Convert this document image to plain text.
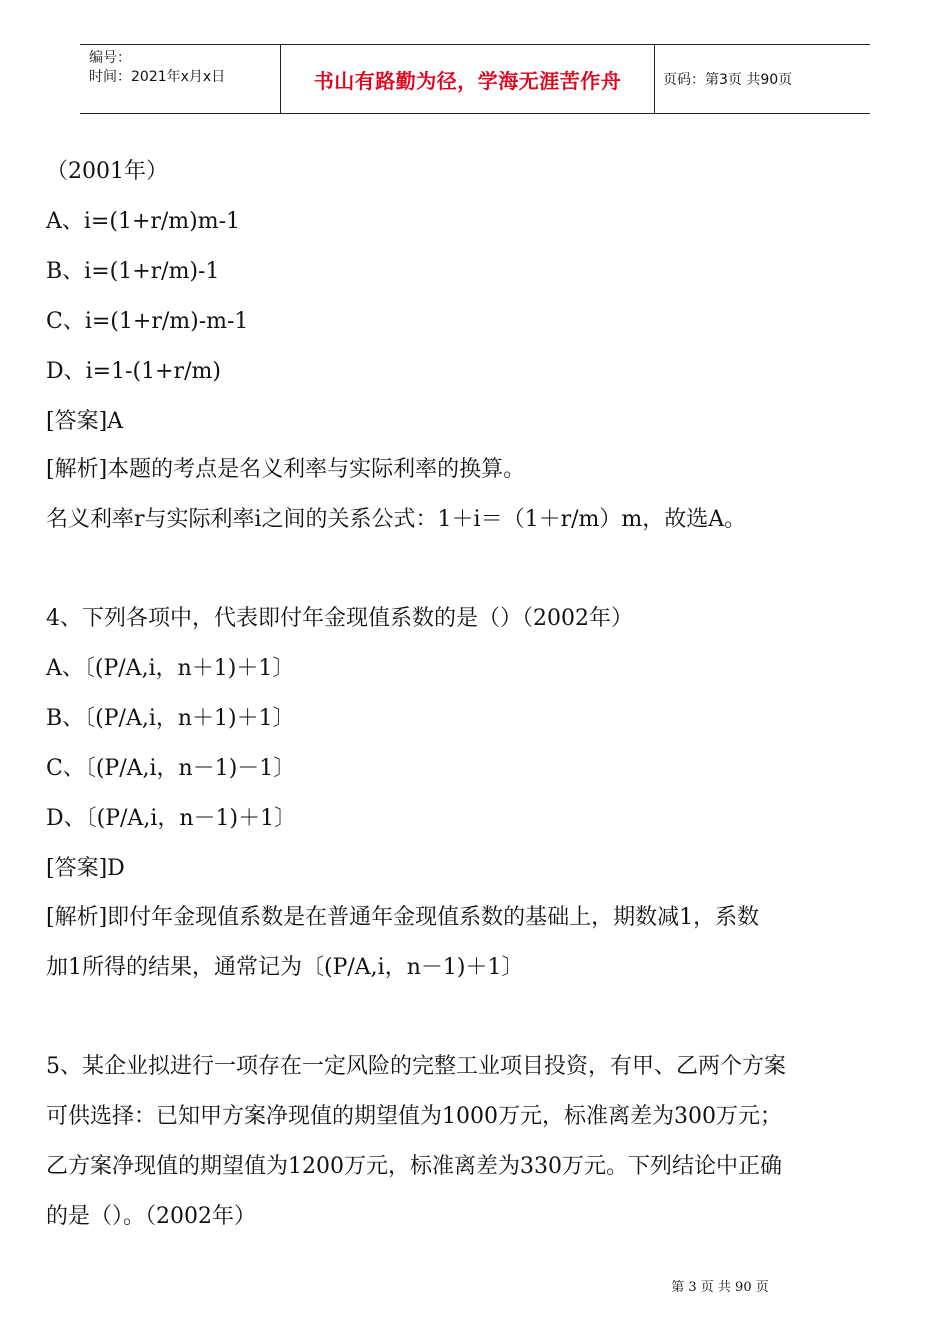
编号：
时间：2021年x月x日	书山有路勤为径，学海无涯苦作舟	页码：第3页 共90页
（2001年）
A、i=(1+r/m)m-1
B、i=(1+r/m)-1
C、i=(1+r/m)-m-1
D、i=1-(1+r/m)
[答案]A
[解析]本题的考点是名义利率与实际利率的换算。
名义利率r与实际利率i之间的关系公式：1＋i＝（1＋r/m）m，故选A。
4、下列各项中，代表即付年金现值系数的是（）（2002年）
A、〔(P/A,i，n＋1)＋1〕
B、〔(P/A,i，n＋1)＋1〕
C、〔(P/A,i，n－1)－1〕
D、〔(P/A,i，n－1)＋1〕
[答案]D
[解析]即付年金现值系数是在普通年金现值系数的基础上，期数减1，系数
加1所得的结果，通常记为〔(P/A,i，n－1)＋1〕
5、某企业拟进行一项存在一定风险的完整工业项目投资，有甲、乙两个方案
可供选择：已知甲方案净现值的期望值为1000万元，标准离差为300万元；
乙方案净现值的期望值为1200万元，标准离差为330万元。下列结论中正确
的是（）。（2002年）
第 3 页 共 90 页
